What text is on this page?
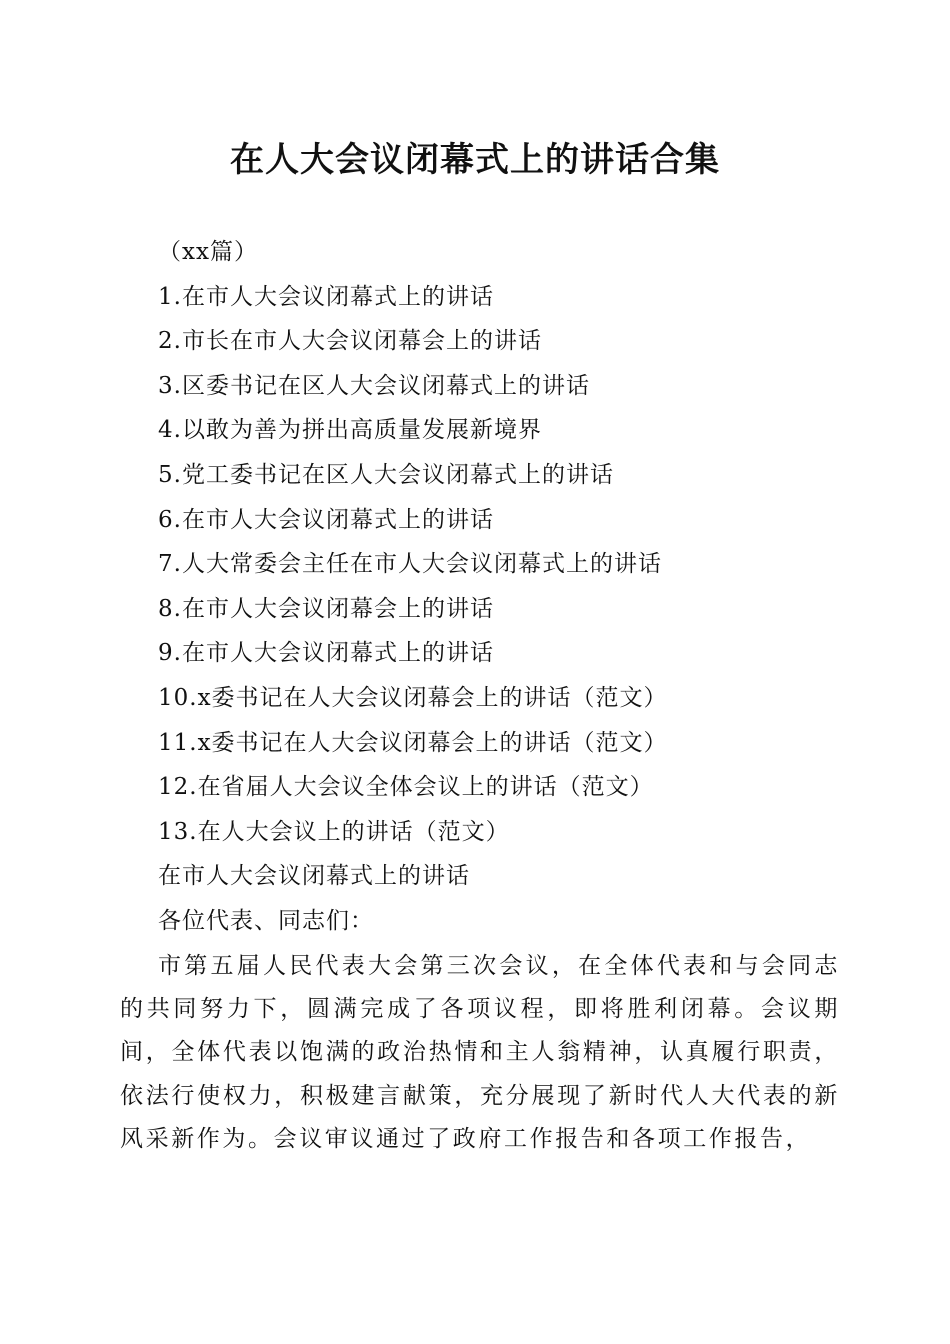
在人大会议闭幕式上的讲话合集
（xx篇）
1.在市人大会议闭幕式上的讲话
2.市长在市人大会议闭幕会上的讲话
3.区委书记在区人大会议闭幕式上的讲话
4.以敢为善为拼出高质量发展新境界
5.党工委书记在区人大会议闭幕式上的讲话
6.在市人大会议闭幕式上的讲话
7.人大常委会主任在市人大会议闭幕式上的讲话
8.在市人大会议闭幕会上的讲话
9.在市人大会议闭幕式上的讲话
10.x委书记在人大会议闭幕会上的讲话（范文）
11.x委书记在人大会议闭幕会上的讲话（范文）
12.在省届人大会议全体会议上的讲话（范文）
13.在人大会议上的讲话（范文）
在市人大会议闭幕式上的讲话
各位代表、同志们：

市第五届人民代表大会第三次会议，在全体代表和与会同志的共同努力下，圆满完成了各项议程，即将胜利闭幕。会议期间，全体代表以饱满的政治热情和主人翁精神，认真履行职责，依法行使权力，积极建言献策，充分展现了新时代人大代表的新风采新作为。会议审议通过了政府工作报告和各项工作报告，
